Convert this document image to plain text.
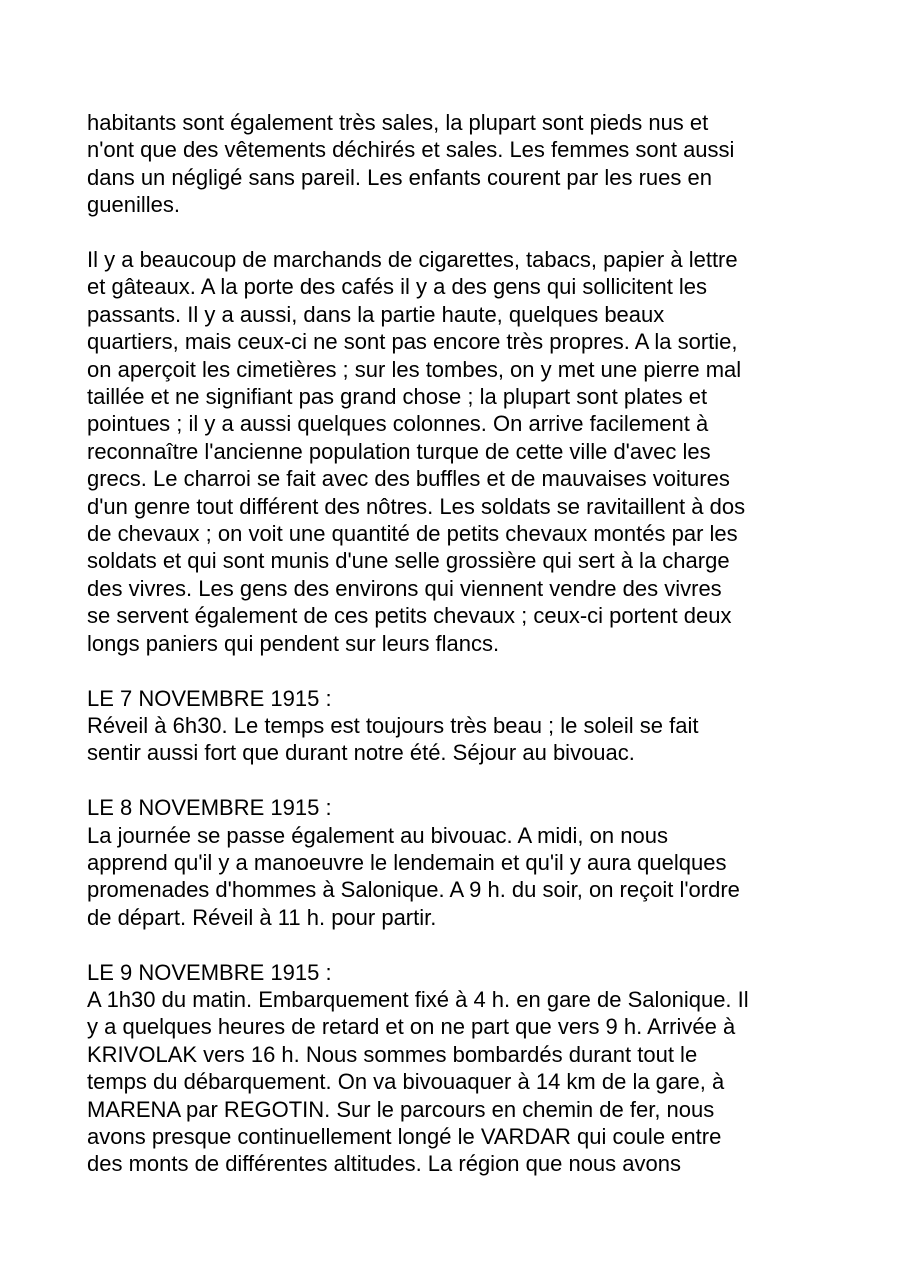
habitants sont également très sales, la plupart sont pieds nus et
n'ont que des vêtements déchirés et sales. Les femmes sont aussi
dans un négligé sans pareil. Les enfants courent par les rues en
guenilles.

Il y a beaucoup de marchands de cigarettes, tabacs, papier à lettre
et gâteaux. A la porte des cafés il y a des gens qui sollicitent les
passants. Il y a aussi, dans la partie haute, quelques beaux
quartiers, mais ceux-ci ne sont pas encore très propres. A la sortie,
on aperçoit les cimetières ; sur les tombes, on y met une pierre mal
taillée et ne signifiant pas grand chose ; la plupart sont plates et
pointues ; il y a aussi quelques colonnes. On arrive facilement à
reconnaître l'ancienne population turque de cette ville d'avec les
grecs. Le charroi se fait avec des buffles et de mauvaises voitures
d'un genre tout différent des nôtres. Les soldats se ravitaillent à dos
de chevaux ; on voit une quantité de petits chevaux montés par les
soldats et qui sont munis d'une selle grossière qui sert à la charge
des vivres. Les gens des environs qui viennent vendre des vivres
se servent également de ces petits chevaux ; ceux-ci portent deux
longs paniers qui pendent sur leurs flancs.

LE 7 NOVEMBRE 1915 :
Réveil à 6h30. Le temps est toujours très beau ; le soleil se fait
sentir aussi fort que durant notre été. Séjour au bivouac.

LE 8 NOVEMBRE 1915 :
La journée se passe également au bivouac. A midi, on nous
apprend qu'il y a manoeuvre le lendemain et qu'il y aura quelques
promenades d'hommes à Salonique. A 9 h. du soir, on reçoit l'ordre
de départ. Réveil à 11 h. pour partir.

LE 9 NOVEMBRE 1915 :
A 1h30 du matin. Embarquement fixé à 4 h. en gare de Salonique. Il
y a quelques heures de retard et on ne part que vers 9 h. Arrivée à
KRIVOLAK vers 16 h. Nous sommes bombardés durant tout le
temps du débarquement. On va bivouaquer à 14 km de la gare, à
MARENA par REGOTIN. Sur le parcours en chemin de fer, nous
avons presque continuellement longé le VARDAR qui coule entre
des monts de différentes altitudes. La région que nous avons
